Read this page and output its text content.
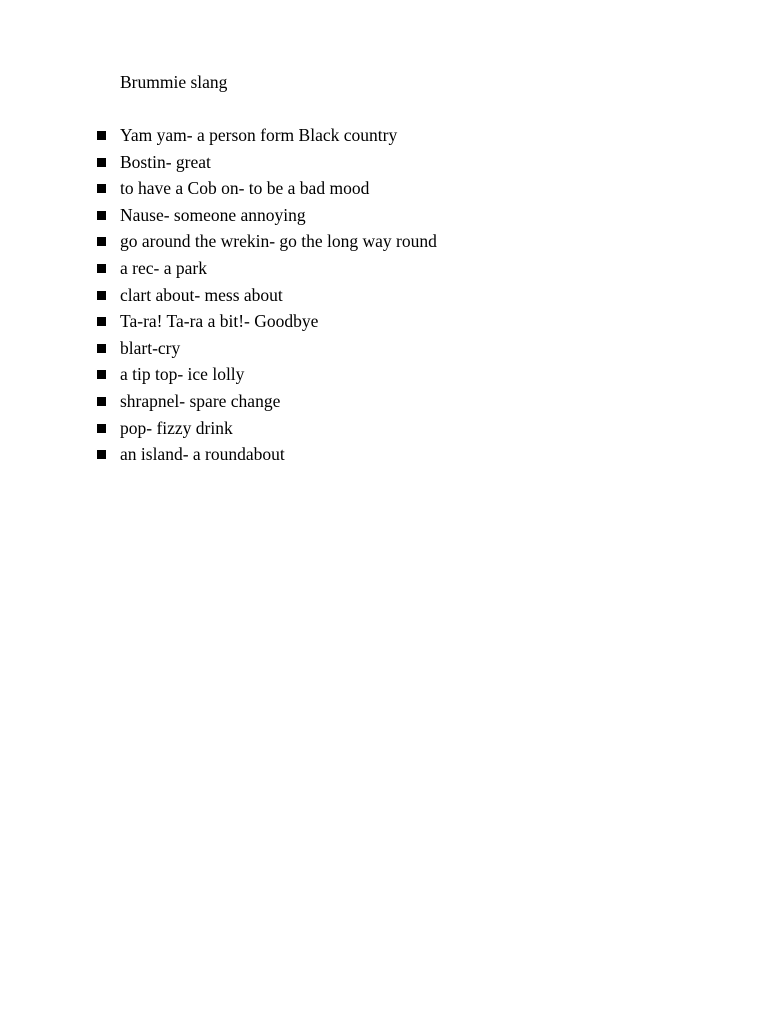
Brummie slang
Yam yam- a person form Black country
Bostin- great
to have a Cob on- to be a bad mood
Nause- someone annoying
go around the wrekin- go the long way round
a rec- a park
clart about- mess about
Ta-ra! Ta-ra a bit!- Goodbye
blart-cry
a tip top- ice lolly
shrapnel- spare change
pop- fizzy drink
an island- a roundabout
